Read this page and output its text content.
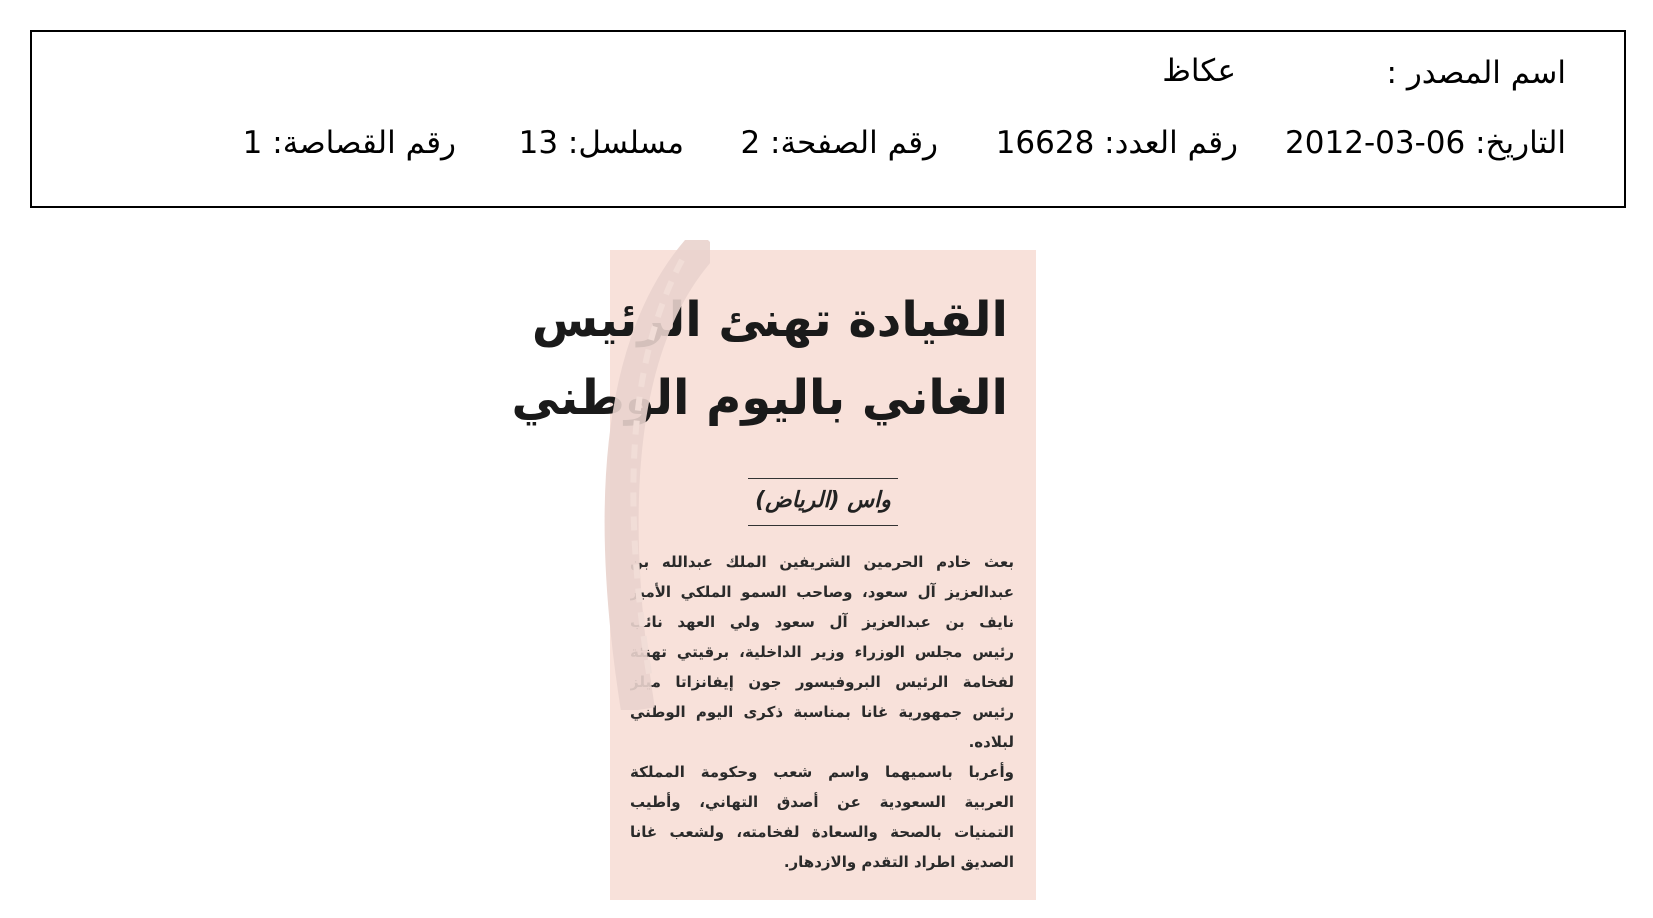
اسم المصدر :
عكاظ
التاريخ: 06-03-2012
رقم العدد: 16628
رقم الصفحة: 2
مسلسل: 13
رقم القصاصة: 1
القيادة تهنئ الرئيس
الغاني باليوم الوطني
واس (الرياض)
بعث خادم الحرمين الشريفين الملك عبدالله بن
عبدالعزيز آل سعود، وصاحب السمو الملكي الأمير
نايف بن عبدالعزيز آل سعود ولي العهد نائب
رئيس مجلس الوزراء وزير الداخلية، برقيتي تهنئة
لفخامة الرئيس البروفيسور جون إيفانزاتا ميلز
رئيس جمهورية غانا بمناسبة ذكرى اليوم الوطني
لبلاده.
وأعربا باسميهما واسم شعب وحكومة المملكة
العربية السعودية عن أصدق التهاني، وأطيب
التمنيات بالصحة والسعادة لفخامته، ولشعب غانا
الصديق اطراد التقدم والازدهار.
